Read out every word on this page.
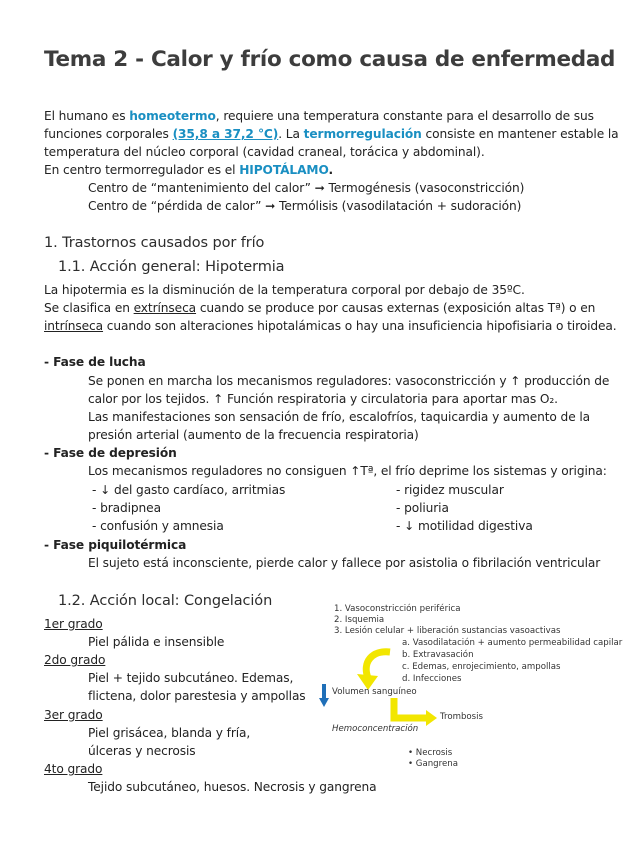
Tema 2 - Calor y frío como causa de enfermedad
El humano es homeotermo, requiere una temperatura constante para el desarrollo de sus
funciones corporales (35,8 a 37,2 °C). La termorregulación consiste en mantener estable la
temperatura del núcleo corporal (cavidad craneal, torácica y abdominal).
En centro termorregulador es el HIPOTÁLAMO.
Centro de “mantenimiento del calor” ➞ Termogénesis (vasoconstricción)
Centro de “pérdida de calor” ➞ Termólisis (vasodilatación + sudoración)
1. Trastornos causados por frío
1.1. Acción general: Hipotermia
La hipotermia es la disminución de la temperatura corporal por debajo de 35ºC.
Se clasifica en extrínseca cuando se produce por causas externas (exposición altas Tª) o en
intrínseca cuando son alteraciones hipotalámicas o hay una insuficiencia hipofisiaria o tiroidea.
- Fase de lucha
Se ponen en marcha los mecanismos reguladores: vasoconstricción y ↑ producción de
calor por los tejidos. ↑ Función respiratoria y circulatoria para aportar mas O₂.
Las manifestaciones son sensación de frío, escalofríos, taquicardia y aumento de la
presión arterial (aumento de la frecuencia respiratoria)
- Fase de depresión
Los mecanismos reguladores no consiguen ↑Tª, el frío deprime los sistemas y origina:
- ↓ del gasto cardíaco, arritmias
- bradipnea
- confusión y amnesia
- rigidez muscular
- poliuria
- ↓ motilidad digestiva
- Fase piquilotérmica
El sujeto está inconsciente, pierde calor y fallece por asistolia o fibrilación ventricular
1.2. Acción local: Congelación
1er grado
Piel pálida e insensible
2do grado
Piel + tejido subcutáneo. Edemas,
flictena, dolor parestesia y ampollas
3er grado
Piel grisácea, blanda y fría,
úlceras y necrosis
4to grado
Tejido subcutáneo, huesos. Necrosis y gangrena
1. Vasoconstricción periférica
2. Isquemia
3. Lesión celular + liberación sustancias vasoactivas
a. Vasodilatación + aumento permeabilidad capilar
b. Extravasación
c. Edemas, enrojecimiento, ampollas
d. Infecciones
Volumen sanguíneo
Trombosis
Hemoconcentración
• Necrosis
• Gangrena
